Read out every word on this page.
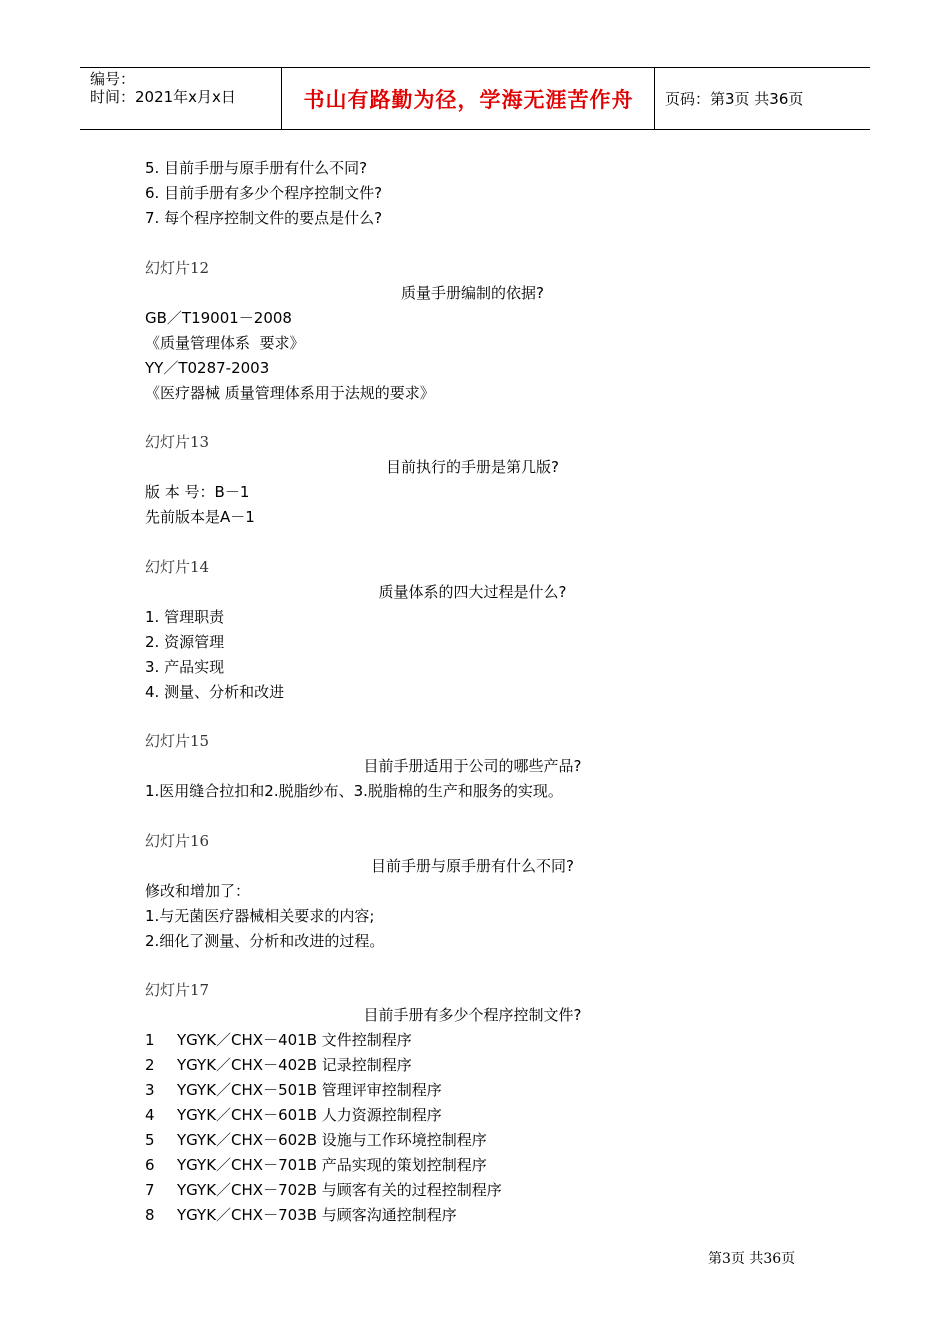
编号：
时间：2021年x月x日	书山有路勤为径，学海无涯苦作舟	页码：第3页 共36页
5. 目前手册与原手册有什么不同?
6. 目前手册有多少个程序控制文件?
7. 每个程序控制文件的要点是什么?
幻灯片12
质量手册编制的依据?
GB／T19001－2008
《质量管理体系  要求》
YY／T0287-2003
《医疗器械 质量管理体系用于法规的要求》
幻灯片13
目前执行的手册是第几版?
版 本 号：B－1
先前版本是A－1
幻灯片14
质量体系的四大过程是什么?
1. 管理职责
2. 资源管理
3. 产品实现
4. 测量、分析和改进
幻灯片15
目前手册适用于公司的哪些产品?
1.医用缝合拉扣和2.脱脂纱布、3.脱脂棉的生产和服务的实现。
幻灯片16
目前手册与原手册有什么不同?
修改和增加了：
1.与无菌医疗器械相关要求的内容;
2.细化了测量、分析和改进的过程。
幻灯片17
目前手册有多少个程序控制文件?
1 YGYK／CHX－401B 文件控制程序
2 YGYK／CHX－402B 记录控制程序
3 YGYK／CHX－501B 管理评审控制程序
4 YGYK／CHX－601B 人力资源控制程序
5 YGYK／CHX－602B 设施与工作环境控制程序
6 YGYK／CHX－701B 产品实现的策划控制程序
7 YGYK／CHX－702B 与顾客有关的过程控制程序
8 YGYK／CHX－703B 与顾客沟通控制程序
第3页 共36页
